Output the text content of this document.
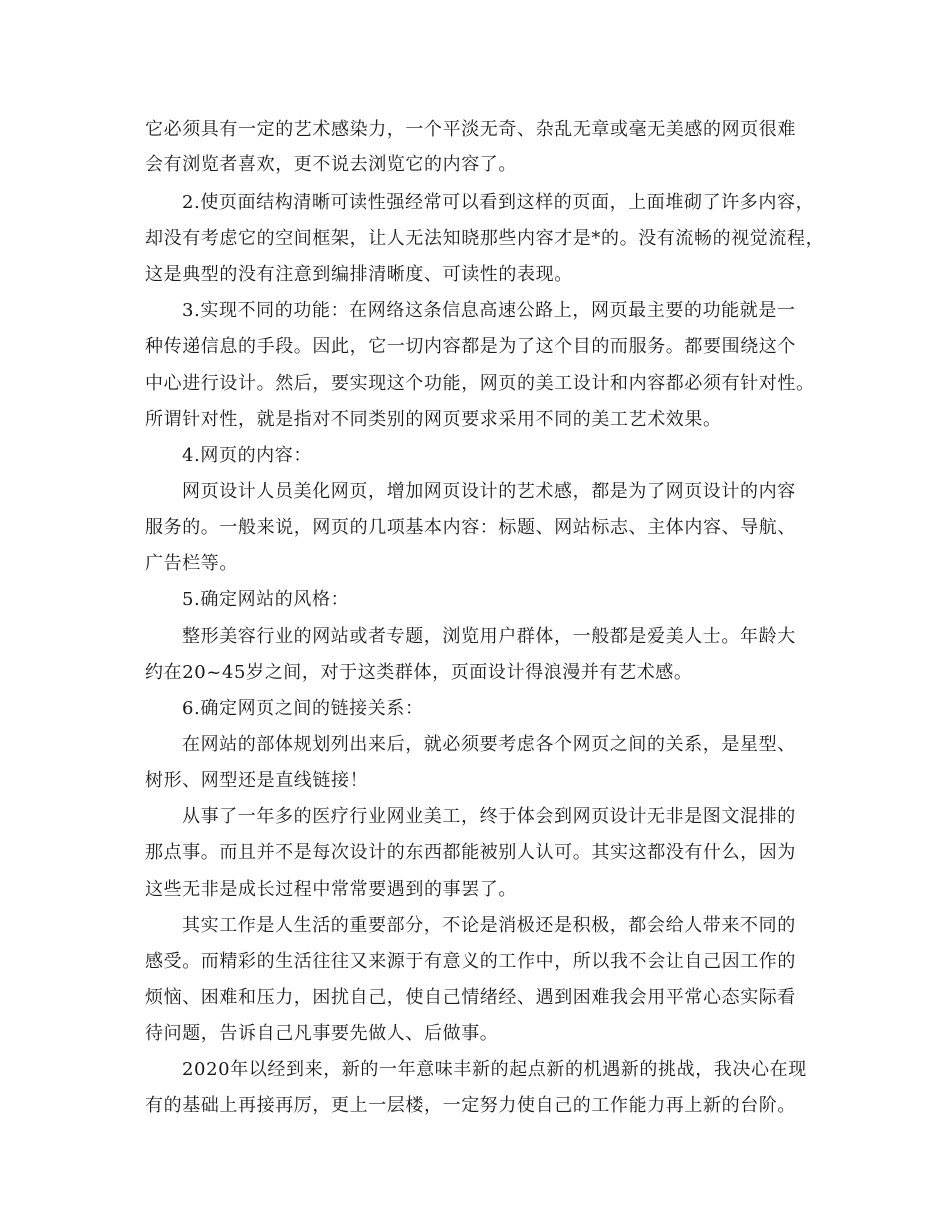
它必须具有一定的艺术感染力，一个平淡无奇、杂乱无章或毫无美感的网页很难

会有浏览者喜欢，更不说去浏览它的内容了。

2.使页面结构清晰可读性强经常可以看到这样的页面，上面堆砌了许多内容，

却没有考虑它的空间框架，让人无法知晓那些内容才是*的。没有流畅的视觉流程，

这是典型的没有注意到编排清晰度、可读性的表现。

3.实现不同的功能：在网络这条信息高速公路上，网页最主要的功能就是一

种传递信息的手段。因此，它一切内容都是为了这个目的而服务。都要围绕这个

中心进行设计。然后，要实现这个功能，网页的美工设计和内容都必须有针对性。

所谓针对性，就是指对不同类别的网页要求采用不同的美工艺术效果。

4.网页的内容：

网页设计人员美化网页，增加网页设计的艺术感，都是为了网页设计的内容

服务的。一般来说，网页的几项基本内容：标题、网站标志、主体内容、导航、

广告栏等。

5.确定网站的风格：

整形美容行业的网站或者专题，浏览用户群体，一般都是爱美人士。年龄大

约在20~45岁之间，对于这类群体，页面设计得浪漫并有艺术感。

6.确定网页之间的链接关系：

在网站的部体规划列出来后，就必须要考虑各个网页之间的关系，是星型、

树形、网型还是直线链接！

从事了一年多的医疗行业网业美工，终于体会到网页设计无非是图文混排的

那点事。而且并不是每次设计的东西都能被别人认可。其实这都没有什么，因为

这些无非是成长过程中常常要遇到的事罢了。

其实工作是人生活的重要部分，不论是消极还是积极，都会给人带来不同的

感受。而精彩的生活往往又来源于有意义的工作中，所以我不会让自己因工作的

烦恼、困难和压力，困扰自己，使自己情绪经、遇到困难我会用平常心态实际看

待问题，告诉自己凡事要先做人、后做事。

2020年以经到来，新的一年意味丰新的起点新的机遇新的挑战，我决心在现

有的基础上再接再厉，更上一层楼，一定努力使自己的工作能力再上新的台阶。
